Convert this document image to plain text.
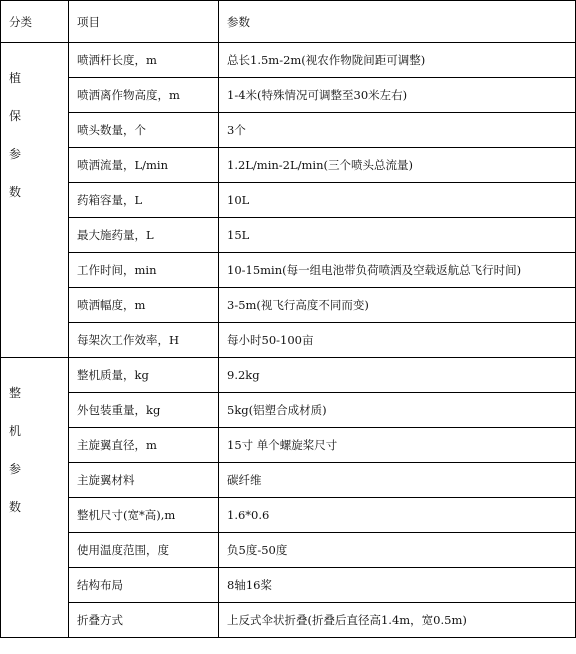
分类	项目	参数

植
保
参
数	喷洒杆长度，m	总长1.5m-2m(视农作物陇间距可调整)
	喷洒离作物高度，m	1-4米(特殊情况可调整至30米左右)
	喷头数量，个	3个
	喷洒流量，L/min	1.2L/min-2L/min(三个喷头总流量)
	药箱容量，L	10L
	最大施药量，L	15L
	工作时间，min	10-15min(每一组电池带负荷喷洒及空载返航总飞行时间)
	喷洒幅度，m	3-5m(视飞行高度不同而变)
	每架次工作效率，H	每小时50-100亩

整
机
参
数	整机质量，kg	9.2kg
	外包装重量，kg	5kg(铝塑合成材质)
	主旋翼直径，m	15寸 单个螺旋桨尺寸
	主旋翼材料	碳纤维
	整机尺寸(宽*高),m	1.6*0.6
	使用温度范围，度	负5度-50度
	结构布局	8轴16桨
	折叠方式	上反式伞状折叠(折叠后直径高1.4m，宽0.5m)
